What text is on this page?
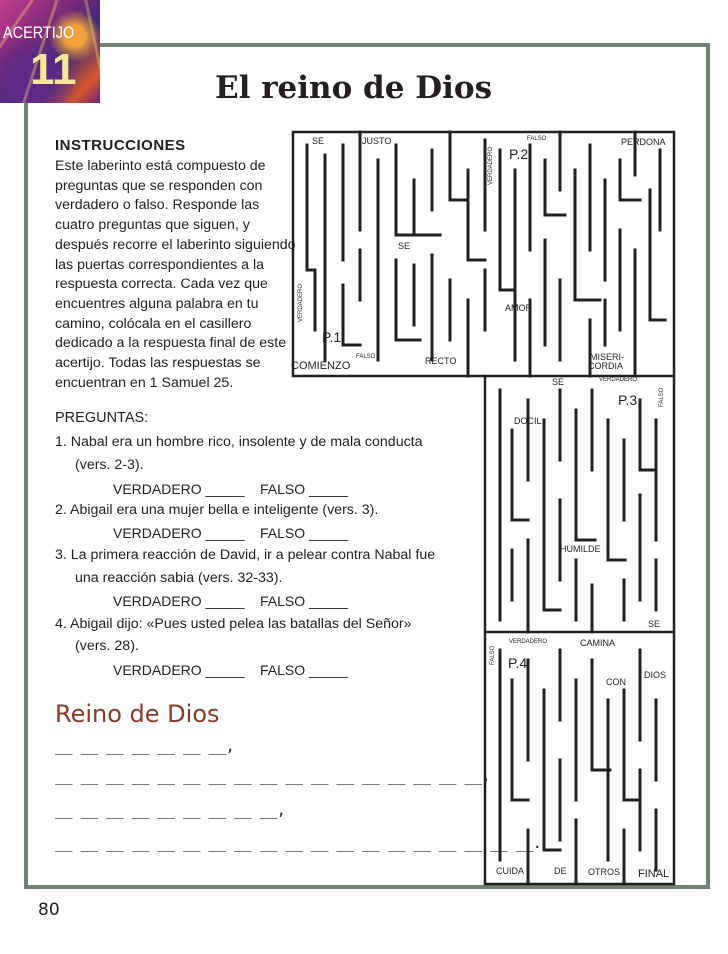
ACERTIJO
11	El reino de Dios
INSTRUCCIONES
Este laberinto está compuesto de
preguntas que se responden con
verdadero o falso. Responde las
cuatro preguntas que siguen, y
después recorre el laberinto siguiendo
las puertas correspondientes a la
respuesta correcta. Cada vez que
encuentres alguna palabra en tu
camino, colócala en el casillero
dedicado a la respuesta final de este
acertijo. Todas las respuestas se
encuentran en 1 Samuel 25.
SE	JUSTO	FALSO	PERDONA
VERDADERO P.2
SE
VERDADERO	AMOR
P.1
COMIENZO
FALSO	RECTO	MISERI-
CORDIA
SE	VERDADERO
FALSO
P.3
DOCIL
HUMILDE
SE
VERDADERO	CAMINA
FALSO P.4
DIOS
CON
CUIDA	DE OTROS FINAL
PREGUNTAS:
1. Nabal era un hombre rico, insolente y de mala conducta
(vers. 2-3).
VERDADERO _____ FALSO _____
2. Abigail era una mujer bella e inteligente (vers. 3).
VERDADERO _____ FALSO _____
3. La primera reacción de David, ir a pelear contra Nabal fue
una reacción sabia (vers. 32-33).
VERDADERO _____ FALSO _____
4. Abigail dijo: «Pues usted pelea las batallas del Señor»
(vers. 28).
VERDADERO _____ FALSO _____
Reino de Dios
__ __ __ __ __ __ __,
__ __ __ __ __ __ __ __ __ __ __ __ __ __ __ __ __,
__ __ __ __ __ __ __ __ __,
__ __ __ __ __ __ __ __ __ __ __ __ __ __ __ __ __ __ __.
80
